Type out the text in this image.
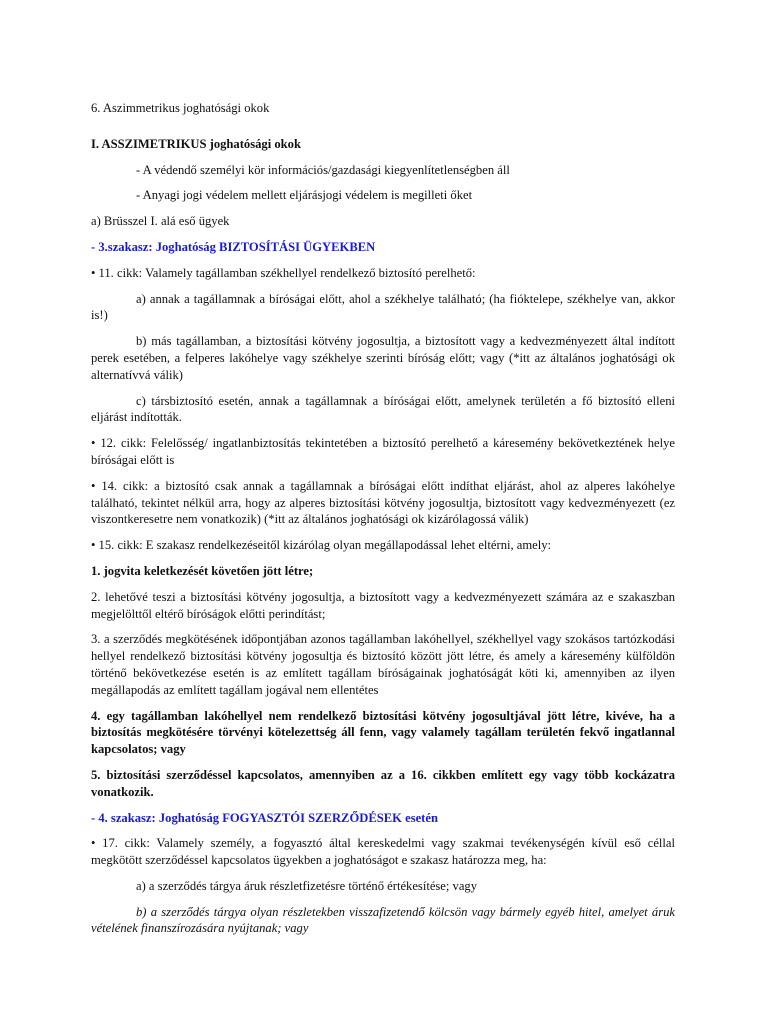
6. Aszimmetrikus joghatósági okok

I. ASSZIMETRIKUS joghatósági okok

- A védendő személyi kör információs/gazdasági kiegyenlítetlenségben áll

- Anyagi jogi védelem mellett eljárásjogi védelem is megilleti őket

a) Brüsszel I. alá eső ügyek

- 3.szakasz: Joghatóság BIZTOSÍTÁSI ÜGYEKBEN

• 11. cikk: Valamely tagállamban székhellyel rendelkező biztosító perelhető:

a) annak a tagállamnak a bíróságai előtt, ahol a székhelye található; (ha fióktelepe, székhelye van, akkor is!)

b) más tagállamban, a biztosítási kötvény jogosultja, a biztosított vagy a kedvezményezett által indított perek esetében, a felperes lakóhelye vagy székhelye szerinti bíróság előtt; vagy (*itt az általános joghatósági ok alternatívvá válik)

c) társbiztosító esetén, annak a tagállamnak a bíróságai előtt, amelynek területén a fő biztosító elleni eljárást indították.

• 12. cikk: Felelősség/ ingatlanbiztosítás tekintetében a biztosító perelhető a káresemény bekövetkeztének helye bíróságai előtt is

• 14. cikk: a biztosító csak annak a tagállamnak a bíróságai előtt indíthat eljárást, ahol az alperes lakóhelye található, tekintet nélkül arra, hogy az alperes biztosítási kötvény jogosultja, biztosított vagy kedvezményezett (ez viszontkeresetre nem vonatkozik) (*itt az általános joghatósági ok kizárólagossá válik)

• 15. cikk: E szakasz rendelkezéseitől kizárólag olyan megállapodással lehet eltérni, amely:

1. jogvita keletkezését követően jött létre;

2. lehetővé teszi a biztosítási kötvény jogosultja, a biztosított vagy a kedvezményezett számára az e szakaszban megjelölttől eltérő bíróságok előtti perindítást;

3. a szerződés megkötésének időpontjában azonos tagállamban lakóhellyel, székhellyel vagy szokásos tartózkodási hellyel rendelkező biztosítási kötvény jogosultja és biztosító között jött létre, és amely a káresemény külföldön történő bekövetkezése esetén is az említett tagállam bíróságainak joghatóságát köti ki, amennyiben az ilyen megállapodás az említett tagállam jogával nem ellentétes

4. egy tagállamban lakóhellyel nem rendelkező biztosítási kötvény jogosultjával jött létre, kivéve, ha a biztosítás megkötésére törvényi kötelezettség áll fenn, vagy valamely tagállam területén fekvő ingatlannal kapcsolatos; vagy

5. biztosítási szerződéssel kapcsolatos, amennyiben az a 16. cikkben említett egy vagy több kockázatra vonatkozik.

- 4. szakasz: Joghatóság FOGYASZTÓI SZERZŐDÉSEK esetén

• 17. cikk: Valamely személy, a fogyasztó által kereskedelmi vagy szakmai tevékenységén kívül eső céllal megkötött szerződéssel kapcsolatos ügyekben a joghatóságot e szakasz határozza meg, ha:

a) a szerződés tárgya áruk részletfizetésre történő értékesítése; vagy

b) a szerződés tárgya olyan részletekben visszafizetendő kölcsön vagy bármely egyéb hitel, amelyet áruk vételének finanszírozására nyújtanak; vagy
